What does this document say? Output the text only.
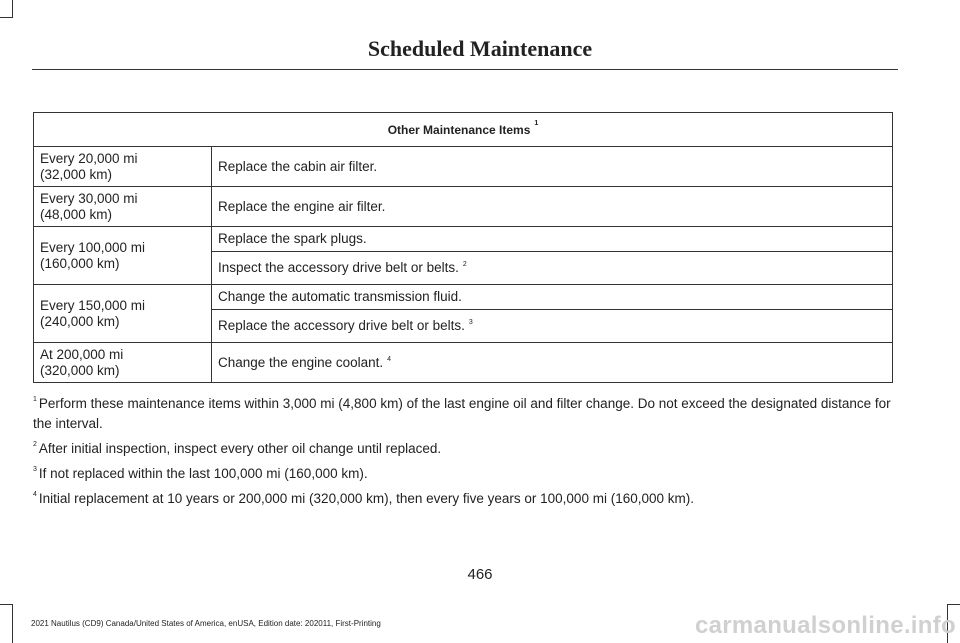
Scheduled Maintenance
Other Maintenance Items $^1$
Every 20,000 mi
(32,000 km)	Replace the cabin air filter.
Every 30,000 mi
(48,000 km)	Replace the engine air filter.
Every 100,000 mi
(160,000 km)	Replace the spark plugs.
	Inspect the accessory drive belt or belts. $^2$
Every 150,000 mi
(240,000 km)	Change the automatic transmission fluid.
	Replace the accessory drive belt or belts. $^3$
At 200,000 mi
(320,000 km)	Change the engine coolant. $^4$

$^1$ Perform these maintenance items within 3,000 mi (4,800 km) of the last engine oil and filter change. Do not exceed the designated distance for the interval.

$^2$ After initial inspection, inspect every other oil change until replaced.

$^3$ If not replaced within the last 100,000 mi (160,000 km).

$^4$ Initial replacement at 10 years or 200,000 mi (320,000 km), then every five years or 100,000 mi (160,000 km).

466
2021 Nautilus (CD9) Canada/United States of America, enUSA, Edition date: 202011, First-Printing	carmanualsonline.info
